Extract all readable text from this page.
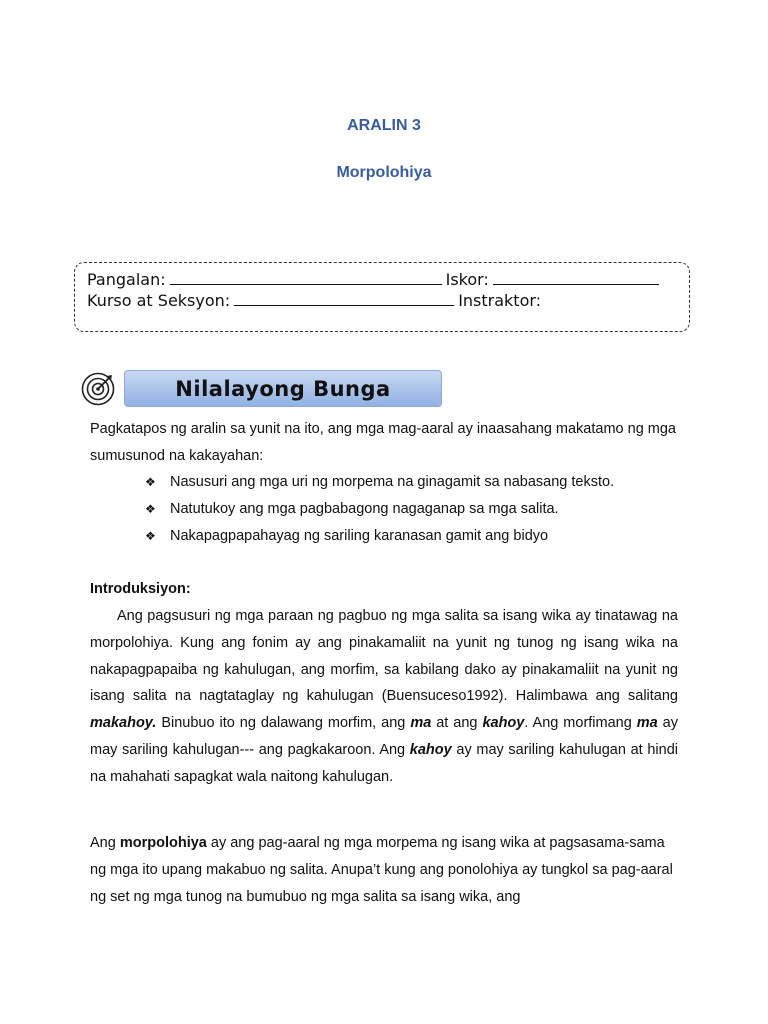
ARALIN 3
Morpolohiya
Pangalan:	Iskor:
Kurso at Seksyon:	Instraktor:
Nilalayong Bunga
Pagkatapos ng aralin sa yunit na ito, ang mga mag-aaral ay inaasahang makatamo ng mga sumusunod na kakayahan:
❖ Nasusuri ang mga uri ng morpema na ginagamit sa nabasang teksto.
❖ Natutukoy ang mga pagbabagong nagaganap sa mga salita.
❖ Nakapagpapahayag ng sariling karanasan gamit ang bidyo
Introduksiyon:
Ang pagsusuri ng mga paraan ng pagbuo ng mga salita sa isang wika ay tinatawag na morpolohiya. Kung ang fonim ay ang pinakamaliit na yunit ng tunog ng isang wika na nakapagpapaiba ng kahulugan, ang morfim, sa kabilang dako ay pinakamaliit na yunit ng isang salita na nagtataglay ng kahulugan (Buensuceso1992). Halimbawa ang salitang makahoy. Binubuo ito ng dalawang morfim, ang ma at ang kahoy. Ang morfimang ma ay may sariling kahulugan--- ang pagkakaroon. Ang kahoy ay may sariling kahulugan at hindi na mahahati sapagkat wala naitong kahulugan.
Ang morpolohiya ay ang pag-aaral ng mga morpema ng isang wika at pagsasama-sama ng mga ito upang makabuo ng salita. Anupa’t kung ang ponolohiya ay tungkol sa pag-aaral ng set ng mga tunog na bumubuo ng mga salita sa isang wika, ang
